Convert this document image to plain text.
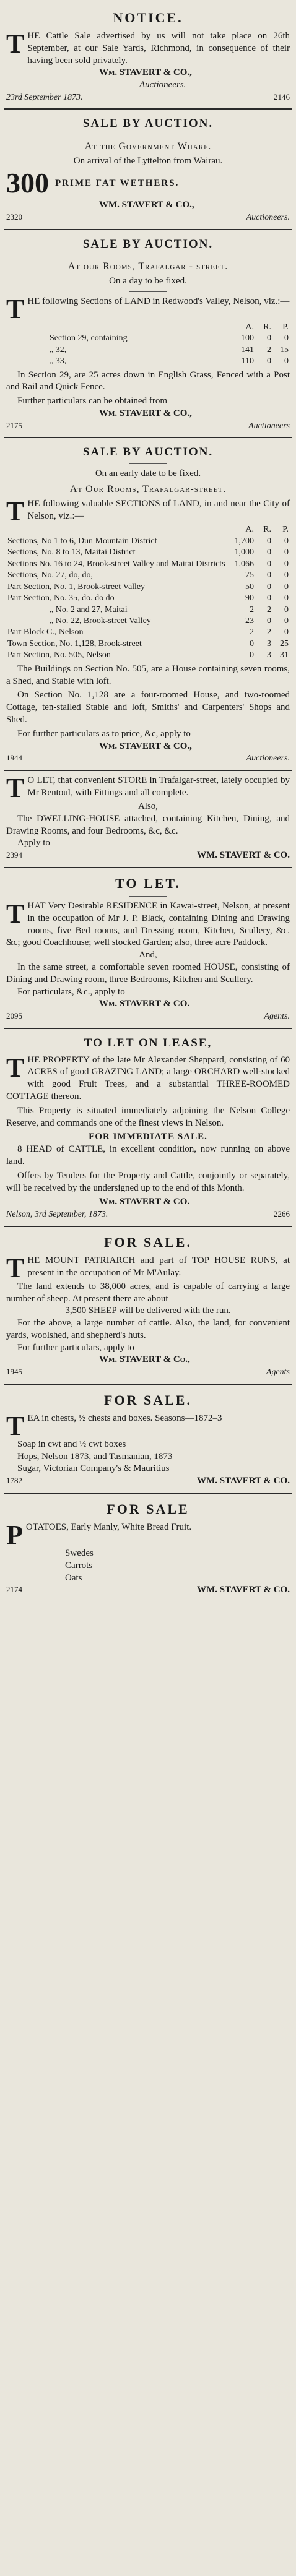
NOTICE.
T HE Cattle Sale advertised by us will not take place on 26th September, at our Sale Yards, Richmond, in consequence of their having been sold privately.
Wm. STAVERT & CO.,
Auctioneers.
23rd September 1873.	2146
SALE BY AUCTION.
At the Government Wharf.
On arrival of the Lyttelton from Wairau.
300 PRIME FAT WETHERS.
WM. STAVERT & CO.,
2320	Auctioneers.
SALE BY AUCTION.
At our Rooms, Trafalgar - street.
On a day to be fixed.
T HE following Sections of LAND in Redwood's Valley, Nelson, viz.:—
	A.	R.	P.
Section 29, containing	100	0	0
„ 32,	141	2	15
„ 33,	110	0	0
In Section 29, are 25 acres down in English Grass, Fenced with a Post and Rail and Quick Fence.
Further particulars can be obtained from
Wm. STAVERT & CO.,
2175	Auctioneers
SALE BY AUCTION.
On an early date to be fixed.
At Our Rooms, Trafalgar-street.
T HE following valuable SECTIONS of LAND, in and near the City of Nelson, viz.:—
	A.	R.	P.
Sections, No 1 to 6, Dun Mountain District	1,700	0	0
Sections, No. 8 to 13, Maitai District	1,000	0	0
Sections No. 16 to 24, Brook-street Valley and Maitai Districts	1,066	0	0
Sections, No. 27, do, do,	75	0	0
Part Section, No. 1, Brook-street Valley	50	0	0
Part Section, No. 35, do. do do	90	0	0
„ No. 2 and 27, Maitai	2	2	0
„ No. 22, Brook-street Valley	23	0	0
Part Block C., Nelson	2	2	0
Town Section, No. 1,128, Brook-street	0	3	25
Part Section, No. 505, Nelson	0	3	31
The Buildings on Section No. 505, are a House containing seven rooms, a Shed, and Stable with loft.
On Section No. 1,128 are a four-roomed House, and two-roomed Cottage, ten-stalled Stable and loft, Smiths' and Carpenters' Shops and Shed.
For further particulars as to price, &c, apply to
Wm. STAVERT & CO.,
1944	Auctioneers.
T O LET, that convenient STORE in Trafalgar-street, lately occupied by Mr Rentoul, with Fittings and all complete.
Also,
The DWELLING-HOUSE attached, containing Kitchen, Dining, and Drawing Rooms, and four Bedrooms, &c, &c.
Apply to
2394	WM. STAVERT & CO.
TO LET.
T HAT Very Desirable RESIDENCE in Kawai-street, Nelson, at present in the occupation of Mr J. P. Black, containing Dining and Drawing rooms, five Bed rooms, and Dressing room, Kitchen, Scullery, &c. &c; good Coachhouse; well stocked Garden; also, three acre Paddock.
And,
In the same street, a comfortable seven roomed HOUSE, consisting of Dining and Drawing room, three Bedrooms, Kitchen and Scullery.
For particulars, &c., apply to
Wm. STAVERT & CO.
2095	Agents.
TO LET ON LEASE,
T HE PROPERTY of the late Mr Alexander Sheppard, consisting of 60 ACRES of good GRAZING LAND; a large ORCHARD well-stocked with good Fruit Trees, and a substantial THREE-ROOMED COTTAGE thereon.
This Property is situated immediately adjoining the Nelson College Reserve, and commands one of the finest views in Nelson.
FOR IMMEDIATE SALE.
8 HEAD of CATTLE, in excellent condition, now running on above land.
Offers by Tenders for the Property and Cattle, conjointly or separately, will be received by the undersigned up to the end of this Month.
Wm. STAVERT & CO.
Nelson, 3rd September, 1873.	2266
FOR SALE.
T HE MOUNT PATRIARCH and part of TOP HOUSE RUNS, at present in the occupation of Mr M'Aulay.
The land extends to 38,000 acres, and is capable of carrying a large number of sheep. At present there are about
3,500 SHEEP will be delivered with the run.
For the above, a large number of cattle. Also, the land, for convenient yards, woolshed, and shepherd's huts.
For further particulars, apply to
Wm. STAVERT & Co.,
1945	Agents
FOR SALE.
T EA in chests, ½ chests and boxes. Seasons—1872–3
Soap in cwt and ½ cwt boxes
Hops, Nelson 1873, and Tasmanian, 1873
Sugar, Victorian Company's & Mauritius
1782	WM. STAVERT & CO.
FOR SALE
P OTATOES, Early Manly, White Bread Fruit.
Swedes
Carrots
Oats
2174	WM. STAVERT & CO.
